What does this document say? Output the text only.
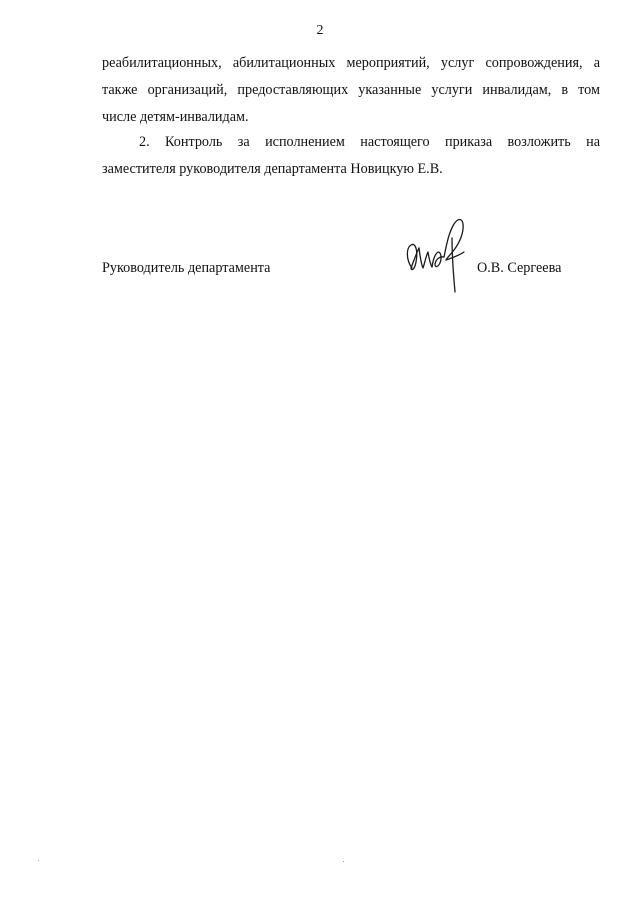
2
реабилитационных, абилитационных мероприятий, услуг сопровождения, а
также организаций, предоставляющих указанные услуги инвалидам, в том
числе детям-инвалидам.
2. Контроль за исполнением настоящего приказа возложить на
заместителя руководителя департамента Новицкую Е.В.
Руководитель департамента	О.В. Сергеева
